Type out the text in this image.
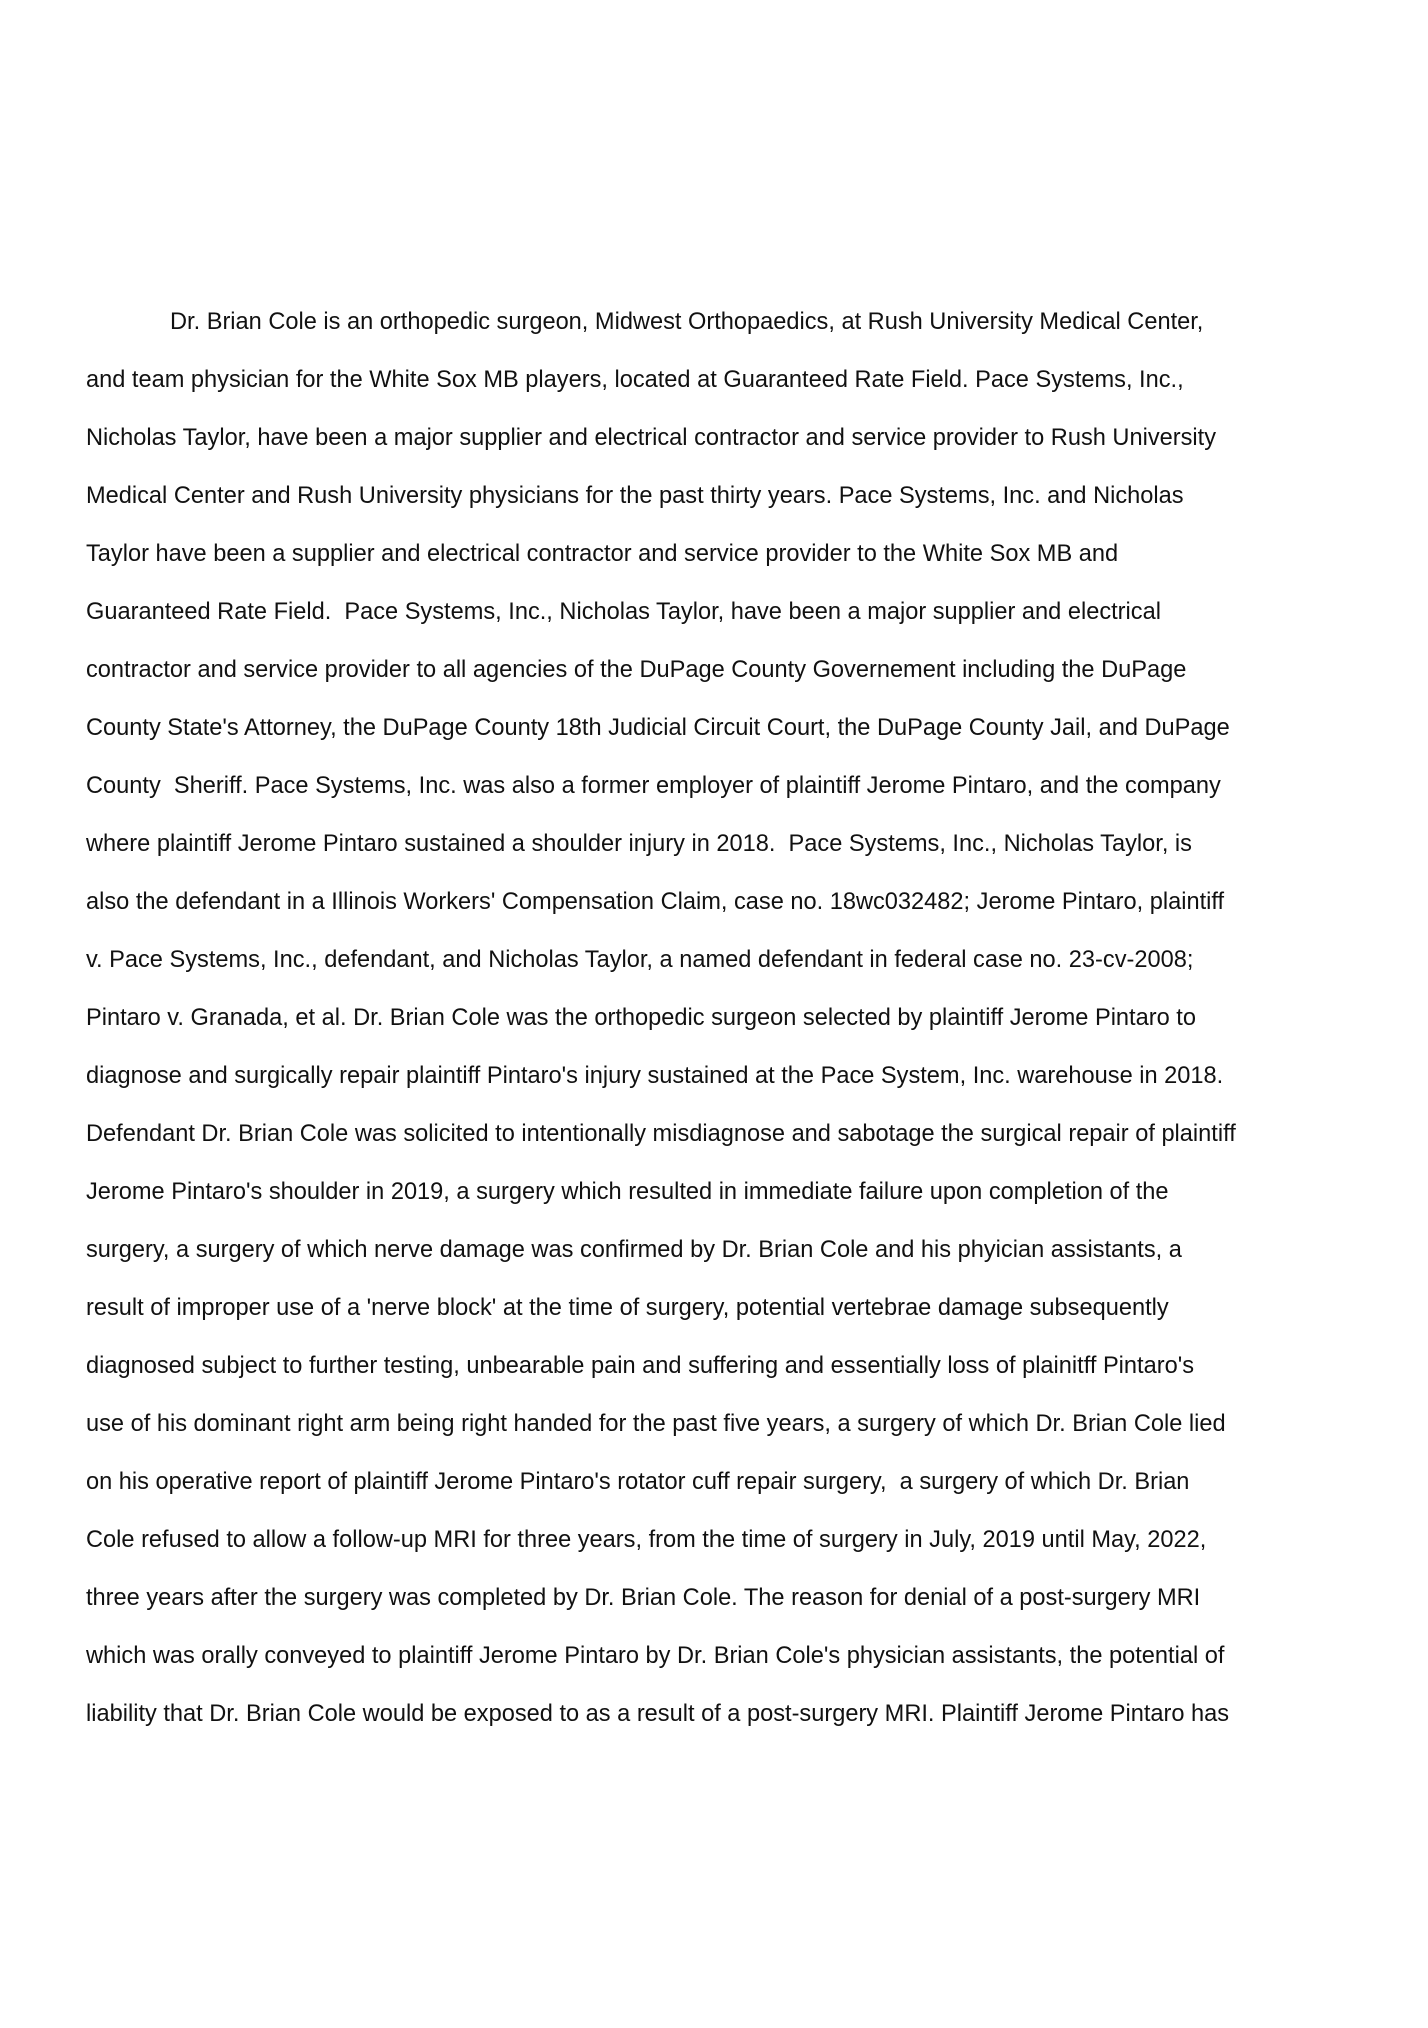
Dr. Brian Cole is an orthopedic surgeon, Midwest Orthopaedics, at Rush University Medical Center,
and team physician for the White Sox MB players, located at Guaranteed Rate Field. Pace Systems, Inc.,
Nicholas Taylor, have been a major supplier and electrical contractor and service provider to Rush University
Medical Center and Rush University physicians for the past thirty years. Pace Systems, Inc. and Nicholas
Taylor have been a supplier and electrical contractor and service provider to the White Sox MB and
Guaranteed Rate Field.  Pace Systems, Inc., Nicholas Taylor, have been a major supplier and electrical
contractor and service provider to all agencies of the DuPage County Governement including the DuPage
County State's Attorney, the DuPage County 18th Judicial Circuit Court, the DuPage County Jail, and DuPage
County  Sheriff. Pace Systems, Inc. was also a former employer of plaintiff Jerome Pintaro, and the company
where plaintiff Jerome Pintaro sustained a shoulder injury in 2018.  Pace Systems, Inc., Nicholas Taylor, is
also the defendant in a Illinois Workers' Compensation Claim, case no. 18wc032482; Jerome Pintaro, plaintiff
v. Pace Systems, Inc., defendant, and Nicholas Taylor, a named defendant in federal case no. 23-cv-2008;
Pintaro v. Granada, et al. Dr. Brian Cole was the orthopedic surgeon selected by plaintiff Jerome Pintaro to
diagnose and surgically repair plaintiff Pintaro's injury sustained at the Pace System, Inc. warehouse in 2018.
Defendant Dr. Brian Cole was solicited to intentionally misdiagnose and sabotage the surgical repair of plaintiff
Jerome Pintaro's shoulder in 2019, a surgery which resulted in immediate failure upon completion of the
surgery, a surgery of which nerve damage was confirmed by Dr. Brian Cole and his phyician assistants, a
result of improper use of a 'nerve block' at the time of surgery, potential vertebrae damage subsequently
diagnosed subject to further testing, unbearable pain and suffering and essentially loss of plainitff Pintaro's
use of his dominant right arm being right handed for the past five years, a surgery of which Dr. Brian Cole lied
on his operative report of plaintiff Jerome Pintaro's rotator cuff repair surgery,  a surgery of which Dr. Brian
Cole refused to allow a follow-up MRI for three years, from the time of surgery in July, 2019 until May, 2022,
three years after the surgery was completed by Dr. Brian Cole. The reason for denial of a post-surgery MRI
which was orally conveyed to plaintiff Jerome Pintaro by Dr. Brian Cole's physician assistants, the potential of
liability that Dr. Brian Cole would be exposed to as a result of a post-surgery MRI. Plaintiff Jerome Pintaro has
